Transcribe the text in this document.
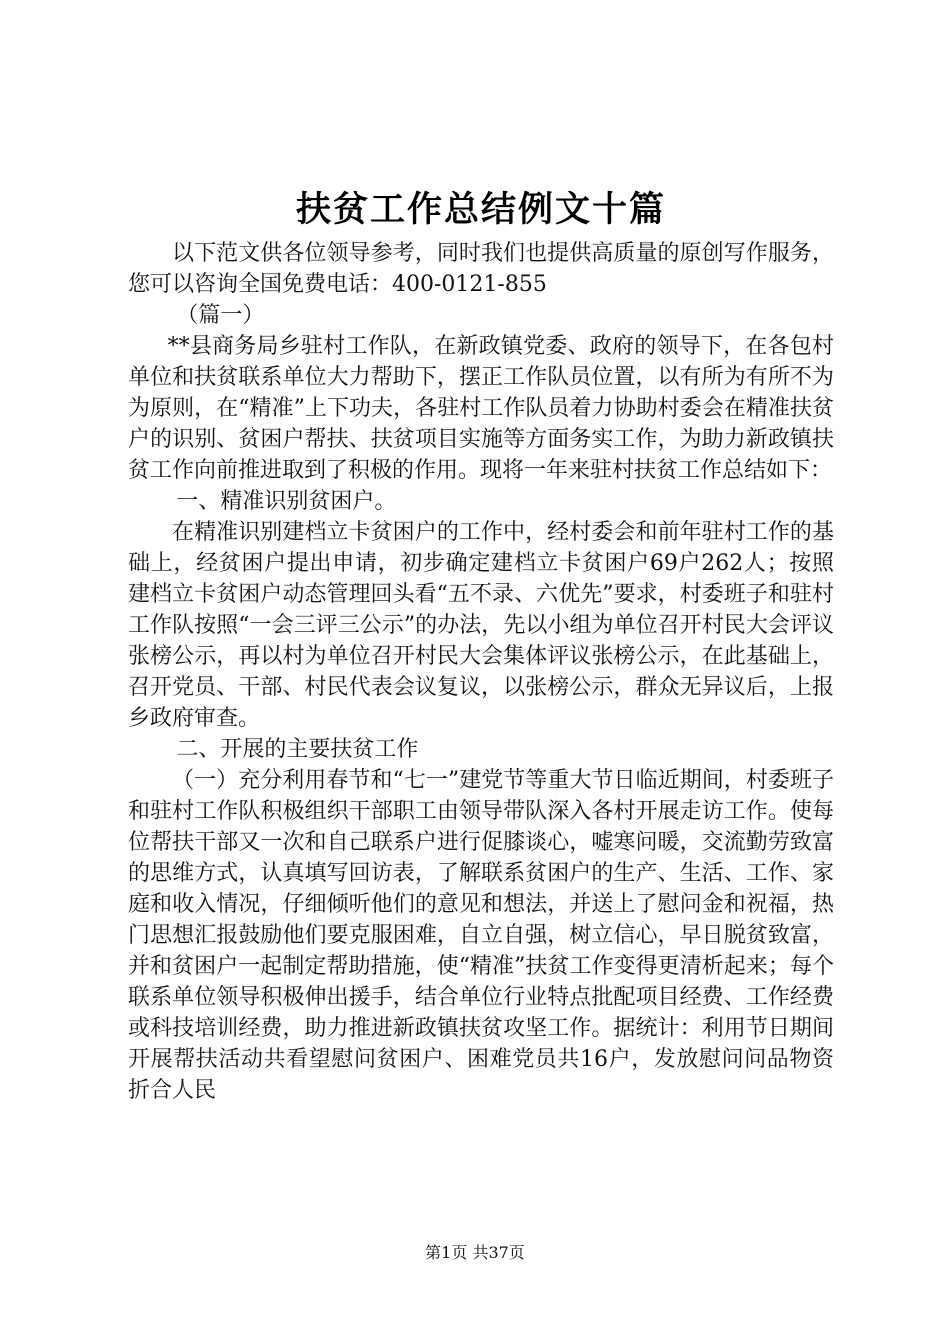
扶贫工作总结例文十篇

以下范文供各位领导参考，同时我们也提供高质量的原创写作服务，您可以咨询全国免费电话：400-0121-855

（篇一）

**县商务局乡驻村工作队，在新政镇党委、政府的领导下，在各包村单位和扶贫联系单位大力帮助下，摆正工作队员位置，以有所为有所不为为原则，在“精准”上下功夫，各驻村工作队员着力协助村委会在精准扶贫户的识别、贫困户帮扶、扶贫项目实施等方面务实工作，为助力新政镇扶贫工作向前推进取到了积极的作用。现将一年来驻村扶贫工作总结如下：

一、精准识别贫困户。

在精准识别建档立卡贫困户的工作中，经村委会和前年驻村工作的基础上，经贫困户提出申请，初步确定建档立卡贫困户69户262人；按照建档立卡贫困户动态管理回头看“五不录、六优先”要求，村委班子和驻村工作队按照“一会三评三公示”的办法，先以小组为单位召开村民大会评议张榜公示，再以村为单位召开村民大会集体评议张榜公示，在此基础上，召开党员、干部、村民代表会议复议，以张榜公示，群众无异议后，上报乡政府审查。

二、开展的主要扶贫工作

（一）充分利用春节和“七一”建党节等重大节日临近期间，村委班子和驻村工作队积极组织干部职工由领导带队深入各村开展走访工作。使每位帮扶干部又一次和自己联系户进行促膝谈心，嘘寒问暖，交流勤劳致富的思维方式，认真填写回访表，了解联系贫困户的生产、生活、工作、家庭和收入情况，仔细倾听他们的意见和想法，并送上了慰问金和祝福，热门思想汇报鼓励他们要克服困难，自立自强，树立信心，早日脱贫致富，并和贫困户一起制定帮助措施，使“精准”扶贫工作变得更清析起来；每个联系单位领导积极伸出援手，结合单位行业特点批配项目经费、工作经费或科技培训经费，助力推进新政镇扶贫攻坚工作。据统计：利用节日期间开展帮扶活动共看望慰问贫困户、困难党员共16户，发放慰问问品物资折合人民

第1页 共37页
